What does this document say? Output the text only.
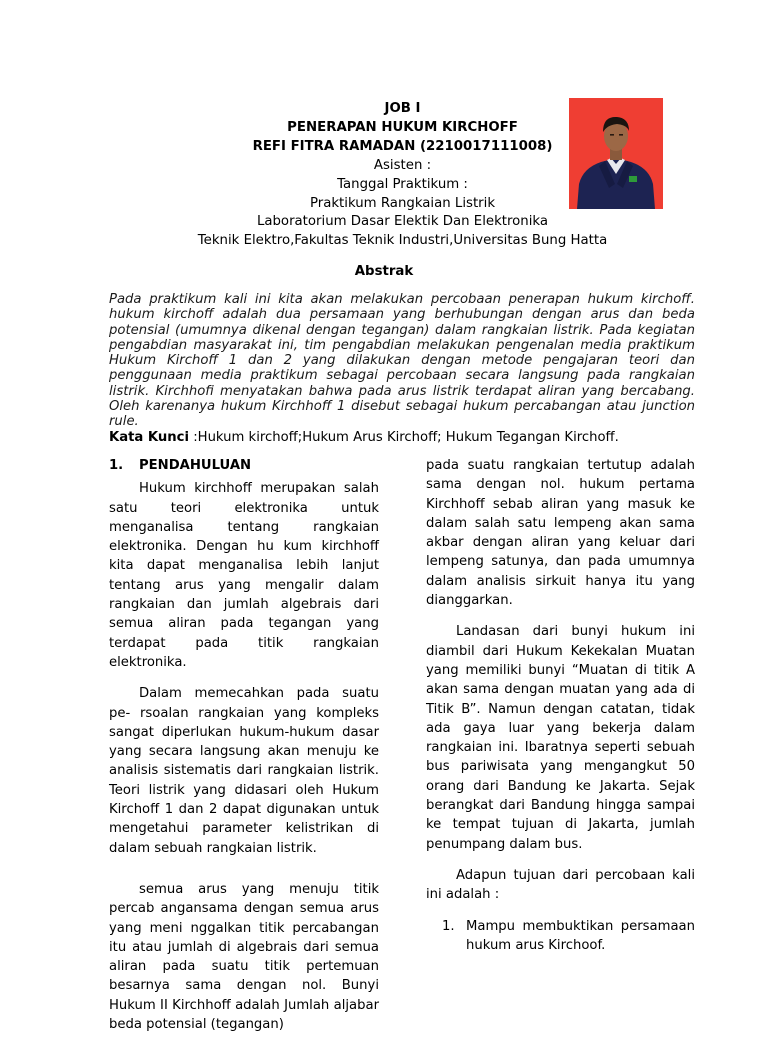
JOB I
PENERAPAN HUKUM KIRCHOFF
REFI FITRA RAMADAN (2210017111008)
Asisten :
Tanggal Praktikum :
Praktikum Rangkaian Listrik
Laboratorium Dasar Elektik Dan Elektronika
Teknik Elektro,Fakultas Teknik Industri,Universitas Bung Hatta
Abstrak
Pada praktikum kali ini kita akan melakukan percobaan penerapan hukum kirchoff. hukum kirchoff adalah dua persamaan yang berhubungan dengan arus dan beda potensial (umumnya dikenal dengan tegangan) dalam rangkaian listrik. Pada kegiatan pengabdian masyarakat ini, tim pengabdian melakukan pengenalan media praktikum Hukum Kirchoff 1 dan 2 yang dilakukan dengan metode pengajaran teori dan penggunaan media praktikum sebagai percobaan secara langsung pada rangkaian listrik. Kirchhofi menyatakan bahwa pada arus listrik terdapat aliran yang bercabang. Oleh karenanya hukum Kirchhoff 1 disebut sebagai hukum percabangan atau junction rule.
Kata Kunci :Hukum kirchoff;Hukum Arus Kirchoff; Hukum Tegangan Kirchoff.
1.	PENDAHULUAN

Hukum kirchhoff merupakan salah satu teori elektronika untuk menganalisa tentang rangkaian elektronika. Dengan hu kum kirchhoff kita dapat menganalisa lebih lanjut tentang arus yang mengalir dalam rangkaian dan jumlah algebrais dari semua aliran pada tegangan yang terdapat pada titik rangkaian elektronika.

Dalam memecahkan pada suatu pe- rsoalan rangkaian yang kompleks sangat diperlukan hukum-hukum dasar yang secara langsung akan menuju ke analisis sistematis dari rangkaian listrik. Teori listrik yang didasari oleh Hukum Kirchoff 1 dan 2 dapat digunakan untuk mengetahui parameter kelistrikan di dalam sebuah rangkaian listrik.

semua arus yang menuju titik percab angansama dengan semua arus yang meni nggalkan titik percabangan itu atau jumlah di algebrais dari semua aliran pada suatu titik pertemuan besarnya sama dengan nol. Bunyi Hukum II Kirchhoff adalah Jumlah aljabar beda potensial (tegangan)

pada suatu rangkaian tertutup adalah sama dengan nol. hukum pertama Kirchhoff sebab aliran yang masuk ke dalam salah satu lempeng akan sama akbar dengan aliran yang keluar dari lempeng satunya, dan pada umumnya dalam analisis sirkuit hanya itu yang dianggarkan.

Landasan dari bunyi hukum ini diambil dari Hukum Kekekalan Muatan yang memiliki bunyi “Muatan di titik A akan sama dengan muatan yang ada di Titik B”. Namun dengan catatan, tidak ada gaya luar yang bekerja dalam rangkaian ini. Ibaratnya seperti sebuah bus pariwisata yang mengangkut 50 orang dari Bandung ke Jakarta. Sejak berangkat dari Bandung hingga sampai ke tempat tujuan di Jakarta, jumlah penumpang dalam bus.

Adapun tujuan dari percobaan kali ini adalah :

1. Mampu membuktikan persamaan hukum arus Kirchoof.
